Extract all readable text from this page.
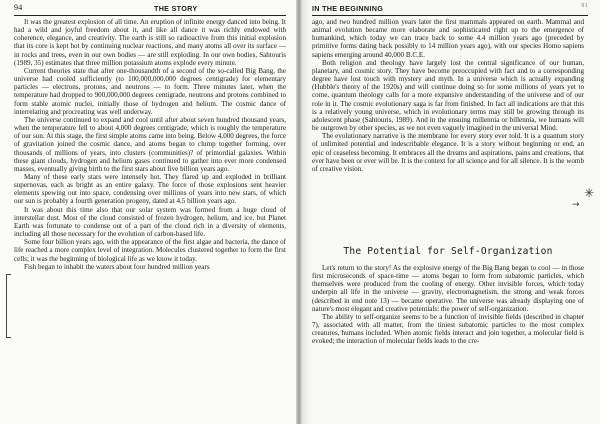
94	THE STORY

It was the greatest explosion of all time. An eruption of infinite energy danced into being. It had a wild and joyful freedom about it, and like all dance it was richly endowed with coherence, elegance, and creativity. The earth is still so radioactive from this initial explosion that its core is kept hot by continuing nuclear reactions, and many atoms all over its surface — in rocks and trees, even in our own bodies — are still exploding. In our own bodies, Sahtouris (1989, 35) estimates that three million potassium atoms explode every minute.

Current theories state that after one-thousandth of a second of the so-called Big Bang, the universe had cooled sufficiently (to 100,000,000,000 degrees centigrade) for elementary particles — electrons, protons, and neutrons — to form. Three minutes later, when the temperature had dropped to 900,000,000 degrees centigrade, neutrons and protons combined to form stable atomic nuclei, initially those of hydrogen and helium. The cosmic dance of interrelating and procreating was well underway.

The universe continued to expand and cool until after about seven hundred thousand years, when the temperature fell to about 4,000 degrees centigrade, which is roughly the temperature of our sun. At this stage, the first simple atoms came into being. Below 4,000 degrees, the force of gravitation joined the cosmic dance, and atoms began to clump together forming, over thousands of millions of years, into clusters (communities)? of primordial galaxies. Within these giant clouds, hydrogen and helium gases continued to gather into ever more condensed masses, eventually giving birth to the first stars about five billion years ago.

Many of these early stars were intensely hot. They flared up and exploded in brilliant supernovas, each as bright as an entire galaxy. The force of those explosions sent heavier elements spewing out into space, condensing over millions of years into new stars, of which our sun is probably a fourth generation progeny, dated at 4.5 billion years ago.

It was about this time also that our solar system was formed from a huge cloud of interstellar dust. Most of the cloud consisted of frozen hydrogen, helium, and ice, but Planet Earth was fortunate to condense out of a part of the cloud rich in a diversity of elements, including all those necessary for the evolution of carbon-based life.

Some four billion years ago, with the appearance of the first algae and bacteria, the dance of life reached a more complex level of integration. Molecules clustered together to form the first cells; it was the beginning of biological life as we know it today.

Fish began to inhabit the waters about four hundred million years

IN THE BEGINNING	91

ago, and two hundred million years later the first mammals appeared on earth. Mammal and animal evolution became more elaborate and sophisticated right up to the emergence of humankind, which today we can trace back to some 4.4 million years ago (preceded by primitive forms dating back possibly to 14 million years ago), with our species Homo sapiens sapiens emerging around 40,000 B.C.E.

Both religion and theology have largely lost the central significance of our human, planetary, and cosmic story. They have become preoccupied with fact and to a corresponding degree have lost touch with mystery and myth. In a universe which is actually expanding (Hubble's theory of the 1920s) and will continue doing so for some millions of years yet to come, quantum theology calls for a more expansive understanding of the universe and of our role in it. The cosmic evolutionary saga is far from finished. In fact all indications are that this is a relatively young universe, which in evolutionary terms may still be growing through its adolescent phase (Sahtouris, 1989). And in the ensuing millennia or billennia, we humans will be outgrown by other species, as we not even vaguely imagined in the universal Mind.

The evolutionary narrative is the membrane for every story ever told. It is a quantum story of unlimited potential and indescribable elegance. It is a story without beginning or end, an epic of ceaseless becoming. It embraces all the dreams and aspirations, pains and creations, that ever have been or ever will be. It is the context for all science and for all silence. It is the womb of creative vision.

The Potential for Self-Organization

Let's return to the story! As the explosive energy of the Big Bang began to cool — in those first microseconds of space-time — atoms began to form from subatomic particles, which themselves were produced from the cooling of energy. Other invisible forces, which today underpin all life in the universe — gravity, electromagnetism, the strong and weak forces (described in end note 13) — became operative. The universe was already displaying one of nature's most elegant and creative potentials: the power of self-organization.

The ability to self-organize seems to be a function of invisible fields (described in chapter 7), associated with all matter, from the tiniest subatomic particles to the most complex creatures, humans included. When atomic fields interact and join together, a molecular field is evoked; the interaction of molecular fields leads to the cre-

✳
→
